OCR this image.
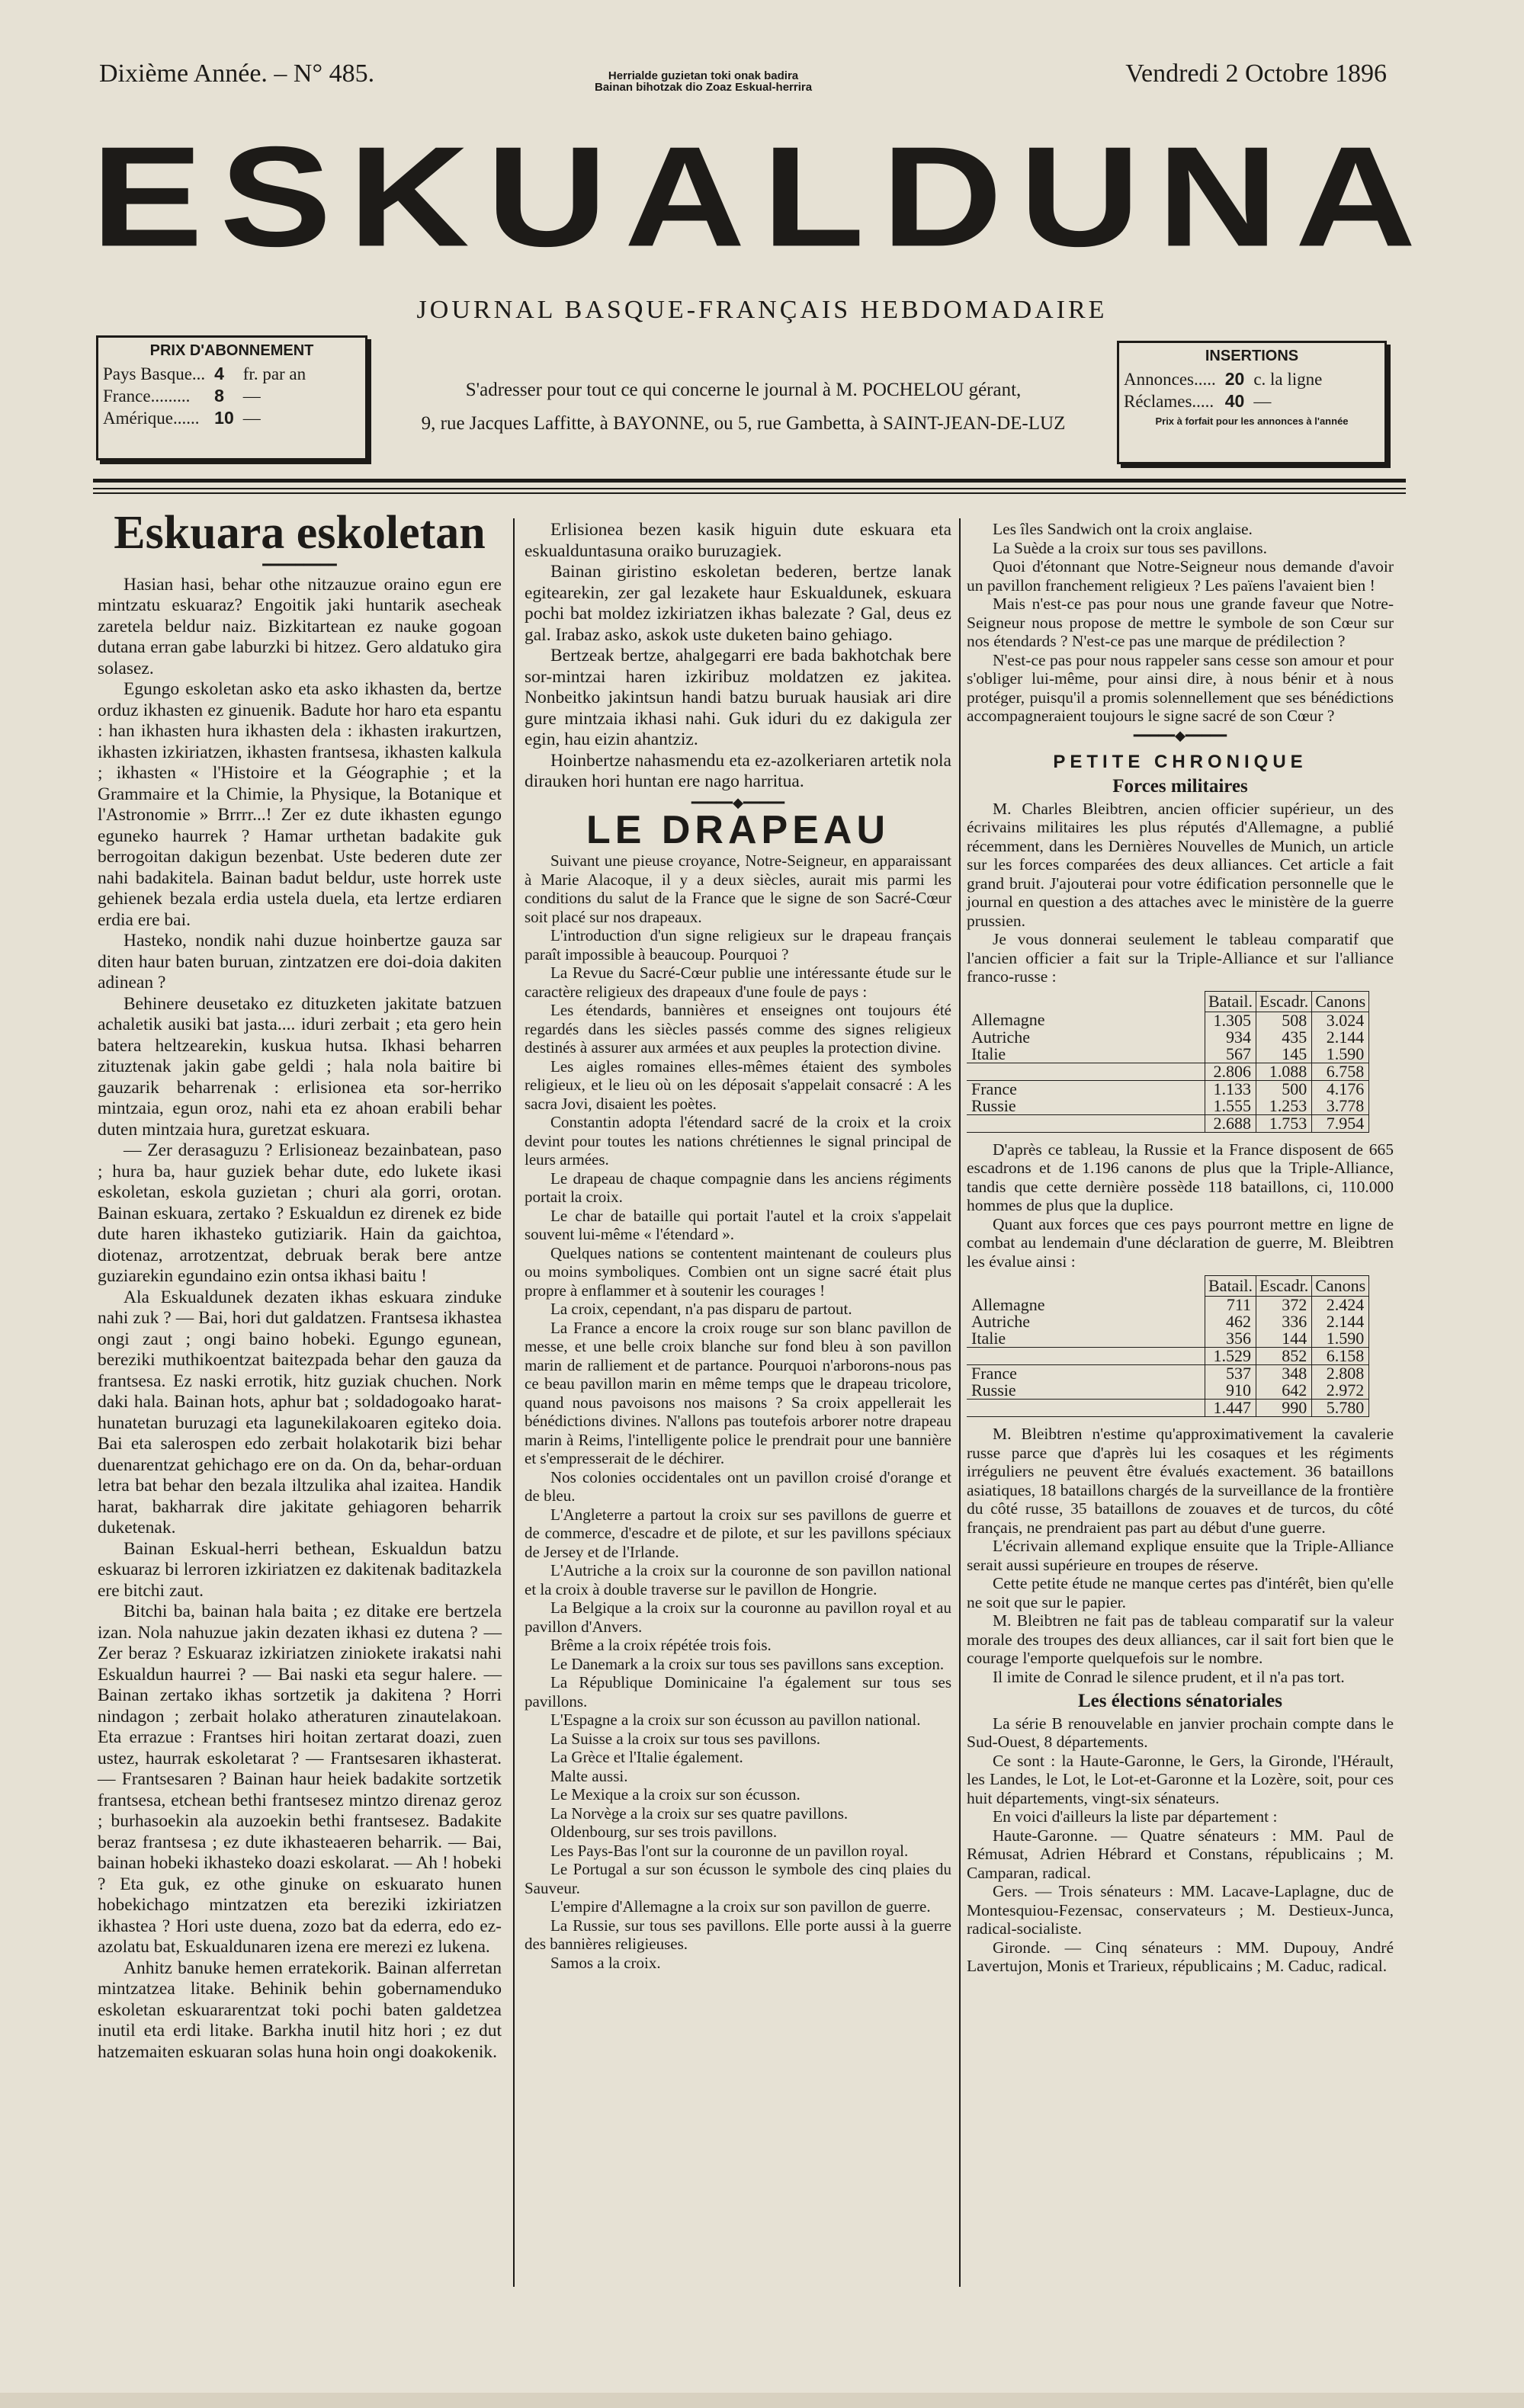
Dixième Année. – N° 485.	Herrialde guzietan toki onak badira
Bainan bihotzak dio Zoaz Eskual-herrira	Vendredi 2 Octobre 1896
ESKUALDUNA
JOURNAL BASQUE-FRANÇAIS HEBDOMADAIRE
PRIX D'ABONNEMENT
Pays Basque...	4	fr. par an
France.........	8	—
Amérique......	10	—
S'adresser pour tout ce qui concerne le journal à M. POCHELOU gérant,
9, rue Jacques Laffitte, à BAYONNE, ou 5, rue Gambetta, à SAINT-JEAN-DE-LUZ
INSERTIONS
Annonces.....	20	c. la ligne
Réclames.....	40	—
Prix à forfait pour les annonces à l'année
Eskuara eskoletan
━━━━━━━━━

Hasian hasi, behar othe nitzauzue oraino egun ere mintzatu eskuaraz? Engoitik jaki huntarik asecheak zaretela beldur naiz. Bizkitartean ez nauke gogoan dutana erran gabe laburzki bi hitzez. Gero aldatuko gira solasez.

Egungo eskoletan asko eta asko ikhasten da, bertze orduz ikhasten ez ginuenik. Badute hor haro eta espantu : han ikhasten hura ikhasten dela : ikhasten irakurtzen, ikhasten izkiriatzen, ikhasten frantsesa, ikhasten kalkula ; ikhasten « l'Histoire et la Géographie ; et la Grammaire et la Chimie, la Physique, la Botanique et l'Astronomie » Brrrr...! Zer ez dute ikhasten egungo eguneko haurrek ? Hamar urthetan badakite guk berrogoitan dakigun bezenbat. Uste bederen dute zer nahi badakitela. Bainan badut beldur, uste horrek uste gehienek bezala erdia ustela duela, eta lertze erdiaren erdia ere bai.

Hasteko, nondik nahi duzue hoinbertze gauza sar diten haur baten buruan, zintzatzen ere doi-doia dakiten adinean ?

Behinere deusetako ez dituzketen jakitate batzuen achaletik ausiki bat jasta.... iduri zerbait ; eta gero hein batera heltzearekin, kuskua hutsa. Ikhasi beharren zituztenak jakin gabe geldi ; hala nola baitire bi gauzarik beharrenak : erlisionea eta sor-herriko mintzaia, egun oroz, nahi eta ez ahoan erabili behar duten mintzaia hura, guretzat eskuara.

— Zer derasaguzu ? Erlisioneaz bezainbatean, paso ; hura ba, haur guziek behar dute, edo lukete ikasi eskoletan, eskola guzietan ; churi ala gorri, orotan. Bainan eskuara, zertako ? Eskualdun ez direnek ez bide dute haren ikhasteko gutiziarik. Hain da gaichtoa, diotenaz, arrotzentzat, debruak berak bere antze guziarekin egundaino ezin ontsa ikhasi baitu !

Ala Eskualdunek dezaten ikhas eskuara zinduke nahi zuk ? — Bai, hori dut galdatzen. Frantsesa ikhastea ongi zaut ; ongi baino hobeki. Egungo egunean, bereziki muthikoentzat baitezpada behar den gauza da frantsesa. Ez naski errotik, hitz guziak chuchen. Nork daki hala. Bainan hots, aphur bat ; soldadogoako harat-hunatetan buruzagi eta lagunekilakoaren egiteko doia. Bai eta salerospen edo zerbait holakotarik bizi behar duenarentzat gehichago ere on da. On da, behar-orduan letra bat behar den bezala iltzulika ahal izaitea. Handik harat, bakharrak dire jakitate gehiagoren beharrik duketenak.

Bainan Eskual-herri bethean, Eskualdun batzu eskuaraz bi lerroren izkiriatzen ez dakitenak baditazkela ere bitchi zaut.

Bitchi ba, bainan hala baita ; ez ditake ere bertzela izan. Nola nahuzue jakin dezaten ikhasi ez dutena ? — Zer beraz ? Eskuaraz izkiriatzen ziniokete irakatsi nahi Eskualdun haurrei ? — Bai naski eta segur halere. — Bainan zertako ikhas sortzetik ja dakitena ? Horri nindagon ; zerbait holako atheraturen zinautelakoan. Eta errazue : Frantses hiri hoitan zertarat doazi, zuen ustez, haurrak eskoletarat ? — Frantsesaren ikhasterat. — Frantsesaren ? Bainan haur heiek badakite sortzetik frantsesa, etchean bethi frantsesez mintzo direnaz geroz ; burhasoekin ala auzoekin bethi frantsesez. Badakite beraz frantsesa ; ez dute ikhasteaeren beharrik. — Bai, bainan hobeki ikhasteko doazi eskolarat. — Ah ! hobeki ? Eta guk, ez othe ginuke on eskuarato hunen hobekichago mintzatzen eta bereziki izkiriatzen ikhastea ? Hori uste duena, zozo bat da ederra, edo ez-azolatu bat, Eskualdunaren izena ere merezi ez lukena.

Anhitz banuke hemen erratekorik. Bainan alferretan mintzatzea litake. Behinik behin gobernamenduko eskoletan eskuararentzat toki pochi baten galdetzea inutil eta erdi litake. Barkha inutil hitz hori ; ez dut hatzemaiten eskuaran solas huna hoin ongi doakokenik.

Erlisionea bezen kasik higuin dute eskuara eta eskualduntasuna oraiko buruzagiek.

Bainan giristino eskoletan bederen, bertze lanak egitearekin, zer gal lezakete haur Eskualdunek, eskuara pochi bat moldez izkiriatzen ikhas balezate ? Gal, deus ez gal. Irabaz asko, askok uste duketen baino gehiago.

Bertzeak bertze, ahalgegarri ere bada bakhotchak bere sor-mintzai haren izkiribuz moldatzen ez jakitea. Nonbeitko jakintsun handi batzu buruak hausiak ari dire gure mintzaia ikhasi nahi. Guk iduri du ez dakigula zer egin, hau eizin ahantziz.

Hoinbertze nahasmendu eta ez-azolkeriaren artetik nola dirauken hori huntan ere nago harritua.

━━━━━◆━━━━━
LE DRAPEAU

Suivant une pieuse croyance, Notre-Seigneur, en apparaissant à Marie Alacoque, il y a deux siècles, aurait mis parmi les conditions du salut de la France que le signe de son Sacré-Cœur soit placé sur nos drapeaux.

L'introduction d'un signe religieux sur le drapeau français paraît impossible à beaucoup. Pourquoi ?

La Revue du Sacré-Cœur publie une intéressante étude sur le caractère religieux des drapeaux d'une foule de pays :

Les étendards, bannières et enseignes ont toujours été regardés dans les siècles passés comme des signes religieux destinés à assurer aux armées et aux peuples la protection divine.

Les aigles romaines elles-mêmes étaient des symboles religieux, et le lieu où on les déposait s'appelait consacré : A les sacra Jovi, disaient les poètes.

Constantin adopta l'étendard sacré de la croix et la croix devint pour toutes les nations chrétiennes le signal principal de leurs armées.

Le drapeau de chaque compagnie dans les anciens régiments portait la croix.

Le char de bataille qui portait l'autel et la croix s'appelait souvent lui-même « l'étendard ».

Quelques nations se contentent maintenant de couleurs plus ou moins symboliques. Combien ont un signe sacré était plus propre à enflammer et à soutenir les courages !

La croix, cependant, n'a pas disparu de partout.

La France a encore la croix rouge sur son blanc pavillon de messe, et une belle croix blanche sur fond bleu à son pavillon marin de ralliement et de partance. Pourquoi n'arborons-nous pas ce beau pavillon marin en même temps que le drapeau tricolore, quand nous pavoisons nos maisons ? Sa croix appellerait les bénédictions divines. N'allons pas toutefois arborer notre drapeau marin à Reims, l'intelligente police le prendrait pour une bannière et s'empresserait de le déchirer.

Nos colonies occidentales ont un pavillon croisé d'orange et de bleu.

L'Angleterre a partout la croix sur ses pavillons de guerre et de commerce, d'escadre et de pilote, et sur les pavillons spéciaux de Jersey et de l'Irlande.

L'Autriche a la croix sur la couronne de son pavillon national et la croix à double traverse sur le pavillon de Hongrie.

La Belgique a la croix sur la couronne au pavillon royal et au pavillon d'Anvers.

Brême a la croix répétée trois fois.

Le Danemark a la croix sur tous ses pavillons sans exception.

La République Dominicaine l'a également sur tous ses pavillons.

L'Espagne a la croix sur son écusson au pavillon national.

La Suisse a la croix sur tous ses pavillons.

La Grèce et l'Italie également.

Malte aussi.

Le Mexique a la croix sur son écusson.

La Norvège a la croix sur ses quatre pavillons.

Oldenbourg, sur ses trois pavillons.

Les Pays-Bas l'ont sur la couronne de un pavillon royal.

Le Portugal a sur son écusson le symbole des cinq plaies du Sauveur.

L'empire d'Allemagne a la croix sur son pavillon de guerre.

La Russie, sur tous ses pavillons. Elle porte aussi à la guerre des bannières religieuses.

Samos a la croix.

Les îles Sandwich ont la croix anglaise.

La Suède a la croix sur tous ses pavillons.

Quoi d'étonnant que Notre-Seigneur nous demande d'avoir un pavillon franchement religieux ? Les païens l'avaient bien !

Mais n'est-ce pas pour nous une grande faveur que Notre-Seigneur nous propose de mettre le symbole de son Cœur sur nos étendards ? N'est-ce pas une marque de prédilection ?

N'est-ce pas pour nous rappeler sans cesse son amour et pour s'obliger lui-même, pour ainsi dire, à nous bénir et à nous protéger, puisqu'il a promis solennellement que ses bénédictions accompagneraient toujours le signe sacré de son Cœur ?

━━━━━◆━━━━━
PETITE CHRONIQUE
Forces militaires

M. Charles Bleibtren, ancien officier supérieur, un des écrivains militaires les plus réputés d'Allemagne, a publié récemment, dans les Dernières Nouvelles de Munich, un article sur les forces comparées des deux alliances. Cet article a fait grand bruit. J'ajouterai pour votre édification personnelle que le journal en question a des attaches avec le ministère de la guerre prussien.

Je vous donnerai seulement le tableau comparatif que l'ancien officier a fait sur la Triple-Alliance et sur l'alliance franco-russe :

	Batail.	Escadr.	Canons
Allemagne	1.305	508	3.024
Autriche	934	435	2.144
Italie	567	145	1.590
	2.806	1.088	6.758
France	1.133	500	4.176
Russie	1.555	1.253	3.778
	2.688	1.753	7.954

D'après ce tableau, la Russie et la France disposent de 665 escadrons et de 1.196 canons de plus que la Triple-Alliance, tandis que cette dernière possède 118 bataillons, ci, 110.000 hommes de plus que la duplice.

Quant aux forces que ces pays pourront mettre en ligne de combat au lendemain d'une déclaration de guerre, M. Bleibtren les évalue ainsi :

	Batail.	Escadr.	Canons
Allemagne	711	372	2.424
Autriche	462	336	2.144
Italie	356	144	1.590
	1.529	852	6.158
France	537	348	2.808
Russie	910	642	2.972
	1.447	990	5.780

M. Bleibtren n'estime qu'approximativement la cavalerie russe parce que d'après lui les cosaques et les régiments irréguliers ne peuvent être évalués exactement. 36 bataillons asiatiques, 18 bataillons chargés de la surveillance de la frontière du côté russe, 35 bataillons de zouaves et de turcos, du côté français, ne prendraient pas part au début d'une guerre.

L'écrivain allemand explique ensuite que la Triple-Alliance serait aussi supérieure en troupes de réserve.

Cette petite étude ne manque certes pas d'intérêt, bien qu'elle ne soit que sur le papier.

M. Bleibtren ne fait pas de tableau comparatif sur la valeur morale des troupes des deux alliances, car il sait fort bien que le courage l'emporte quelquefois sur le nombre.

Il imite de Conrad le silence prudent, et il n'a pas tort.

Les élections sénatoriales

La série B renouvelable en janvier prochain compte dans le Sud-Ouest, 8 départements.

Ce sont : la Haute-Garonne, le Gers, la Gironde, l'Hérault, les Landes, le Lot, le Lot-et-Garonne et la Lozère, soit, pour ces huit départements, vingt-six sénateurs.

En voici d'ailleurs la liste par département :

Haute-Garonne. — Quatre sénateurs : MM. Paul de Rémusat, Adrien Hébrard et Constans, républicains ; M. Camparan, radical.

Gers. — Trois sénateurs : MM. Lacave-Laplagne, duc de Montesquiou-Fezensac, conservateurs ; M. Destieux-Junca, radical-socialiste.

Gironde. — Cinq sénateurs : MM. Dupouy, André Lavertujon, Monis et Trarieux, républicains ; M. Caduc, radical.
